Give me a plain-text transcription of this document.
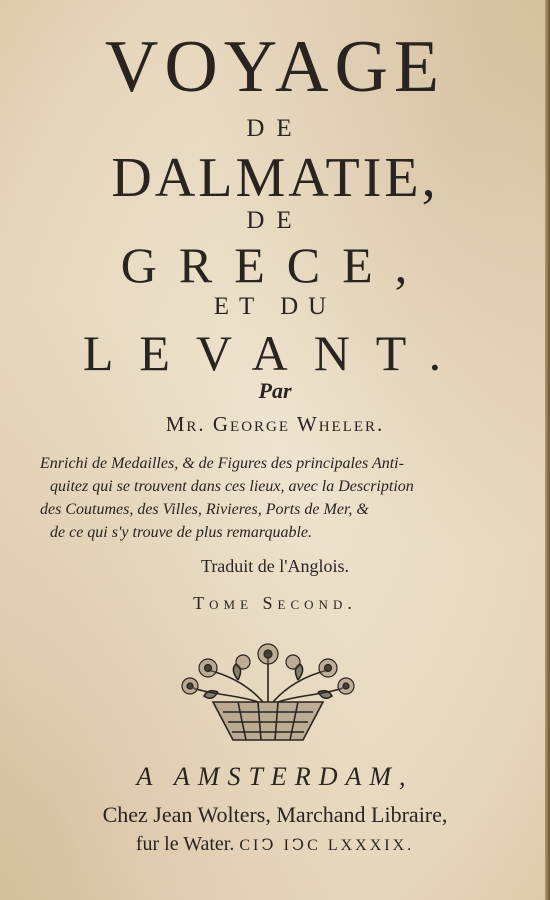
VOYAGE
DE
DALMATIE,
DE
GRECE,
ET DU
LEVANT.
Par
Mr. George Wheler.
Enrichi de Medailles, & de Figures des principales Anti-
quitez qui se trouvent dans ces lieux, avec la Description
des Coutumes, des Villes, Rivieres, Ports de Mer, &
de ce qui s'y trouve de plus remarquable.
Traduit de l'Anglois.
Tome Second.
A AMSTERDAM,
Chez Jean Wolters, Marchand Libraire,
fur le Water. CIↃ IↃC LXXXIX.
